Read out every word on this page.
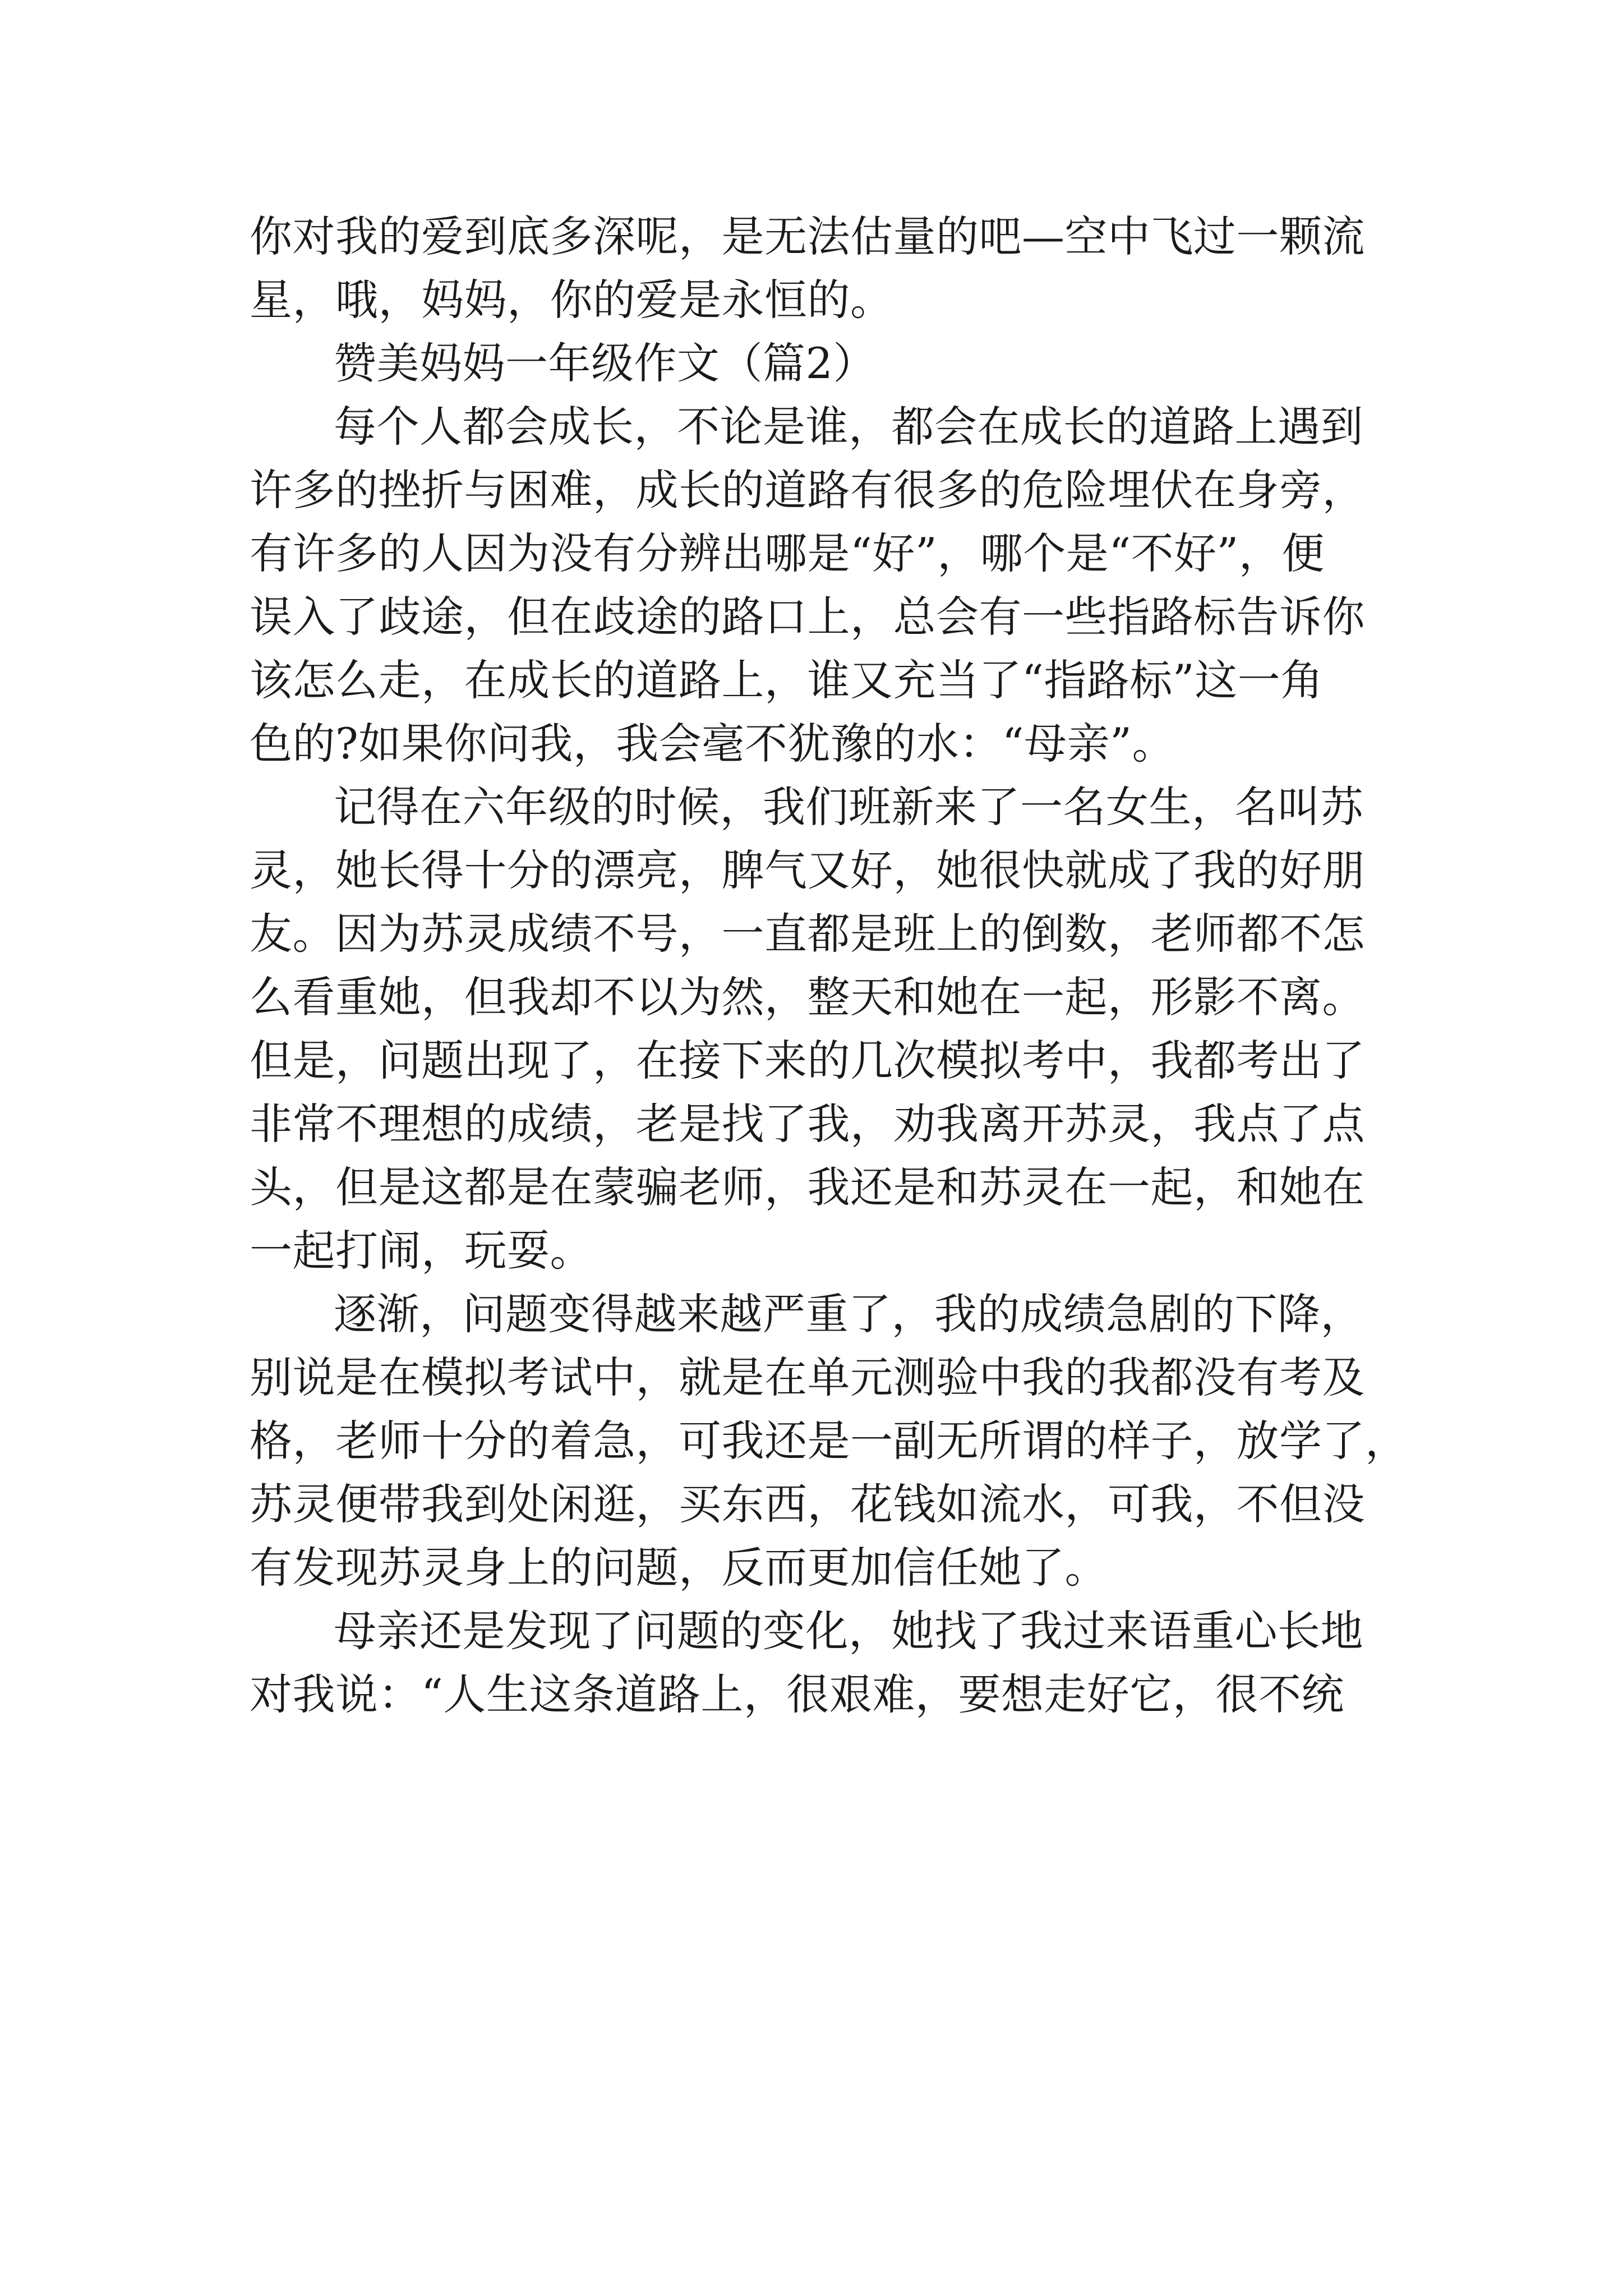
你对我的爱到底多深呢，是无法估量的吧—空中飞过一颗流
星，哦，妈妈，你的爱是永恒的。
赞美妈妈一年级作文（篇2）
每个人都会成长，不论是谁，都会在成长的道路上遇到
许多的挫折与困难，成长的道路有很多的危险埋伏在身旁，
有许多的人因为没有分辨出哪是“好”，哪个是“不好”，便
误入了歧途，但在歧途的路口上，总会有一些指路标告诉你
该怎么走，在成长的道路上，谁又充当了“指路标”这一角
色的?如果你问我，我会毫不犹豫的水：“母亲”。
记得在六年级的时候，我们班新来了一名女生，名叫苏
灵，她长得十分的漂亮，脾气又好，她很快就成了我的好朋
友。因为苏灵成绩不号，一直都是班上的倒数，老师都不怎
么看重她，但我却不以为然，整天和她在一起，形影不离。
但是，问题出现了，在接下来的几次模拟考中，我都考出了
非常不理想的成绩，老是找了我，劝我离开苏灵，我点了点
头，但是这都是在蒙骗老师，我还是和苏灵在一起，和她在
一起打闹，玩耍。
逐渐，问题变得越来越严重了，我的成绩急剧的下降，
别说是在模拟考试中，就是在单元测验中我的我都没有考及
格，老师十分的着急，可我还是一副无所谓的样子，放学了，
苏灵便带我到处闲逛，买东西，花钱如流水，可我，不但没
有发现苏灵身上的问题，反而更加信任她了。
母亲还是发现了问题的变化，她找了我过来语重心长地
对我说：“人生这条道路上，很艰难，要想走好它，很不统
